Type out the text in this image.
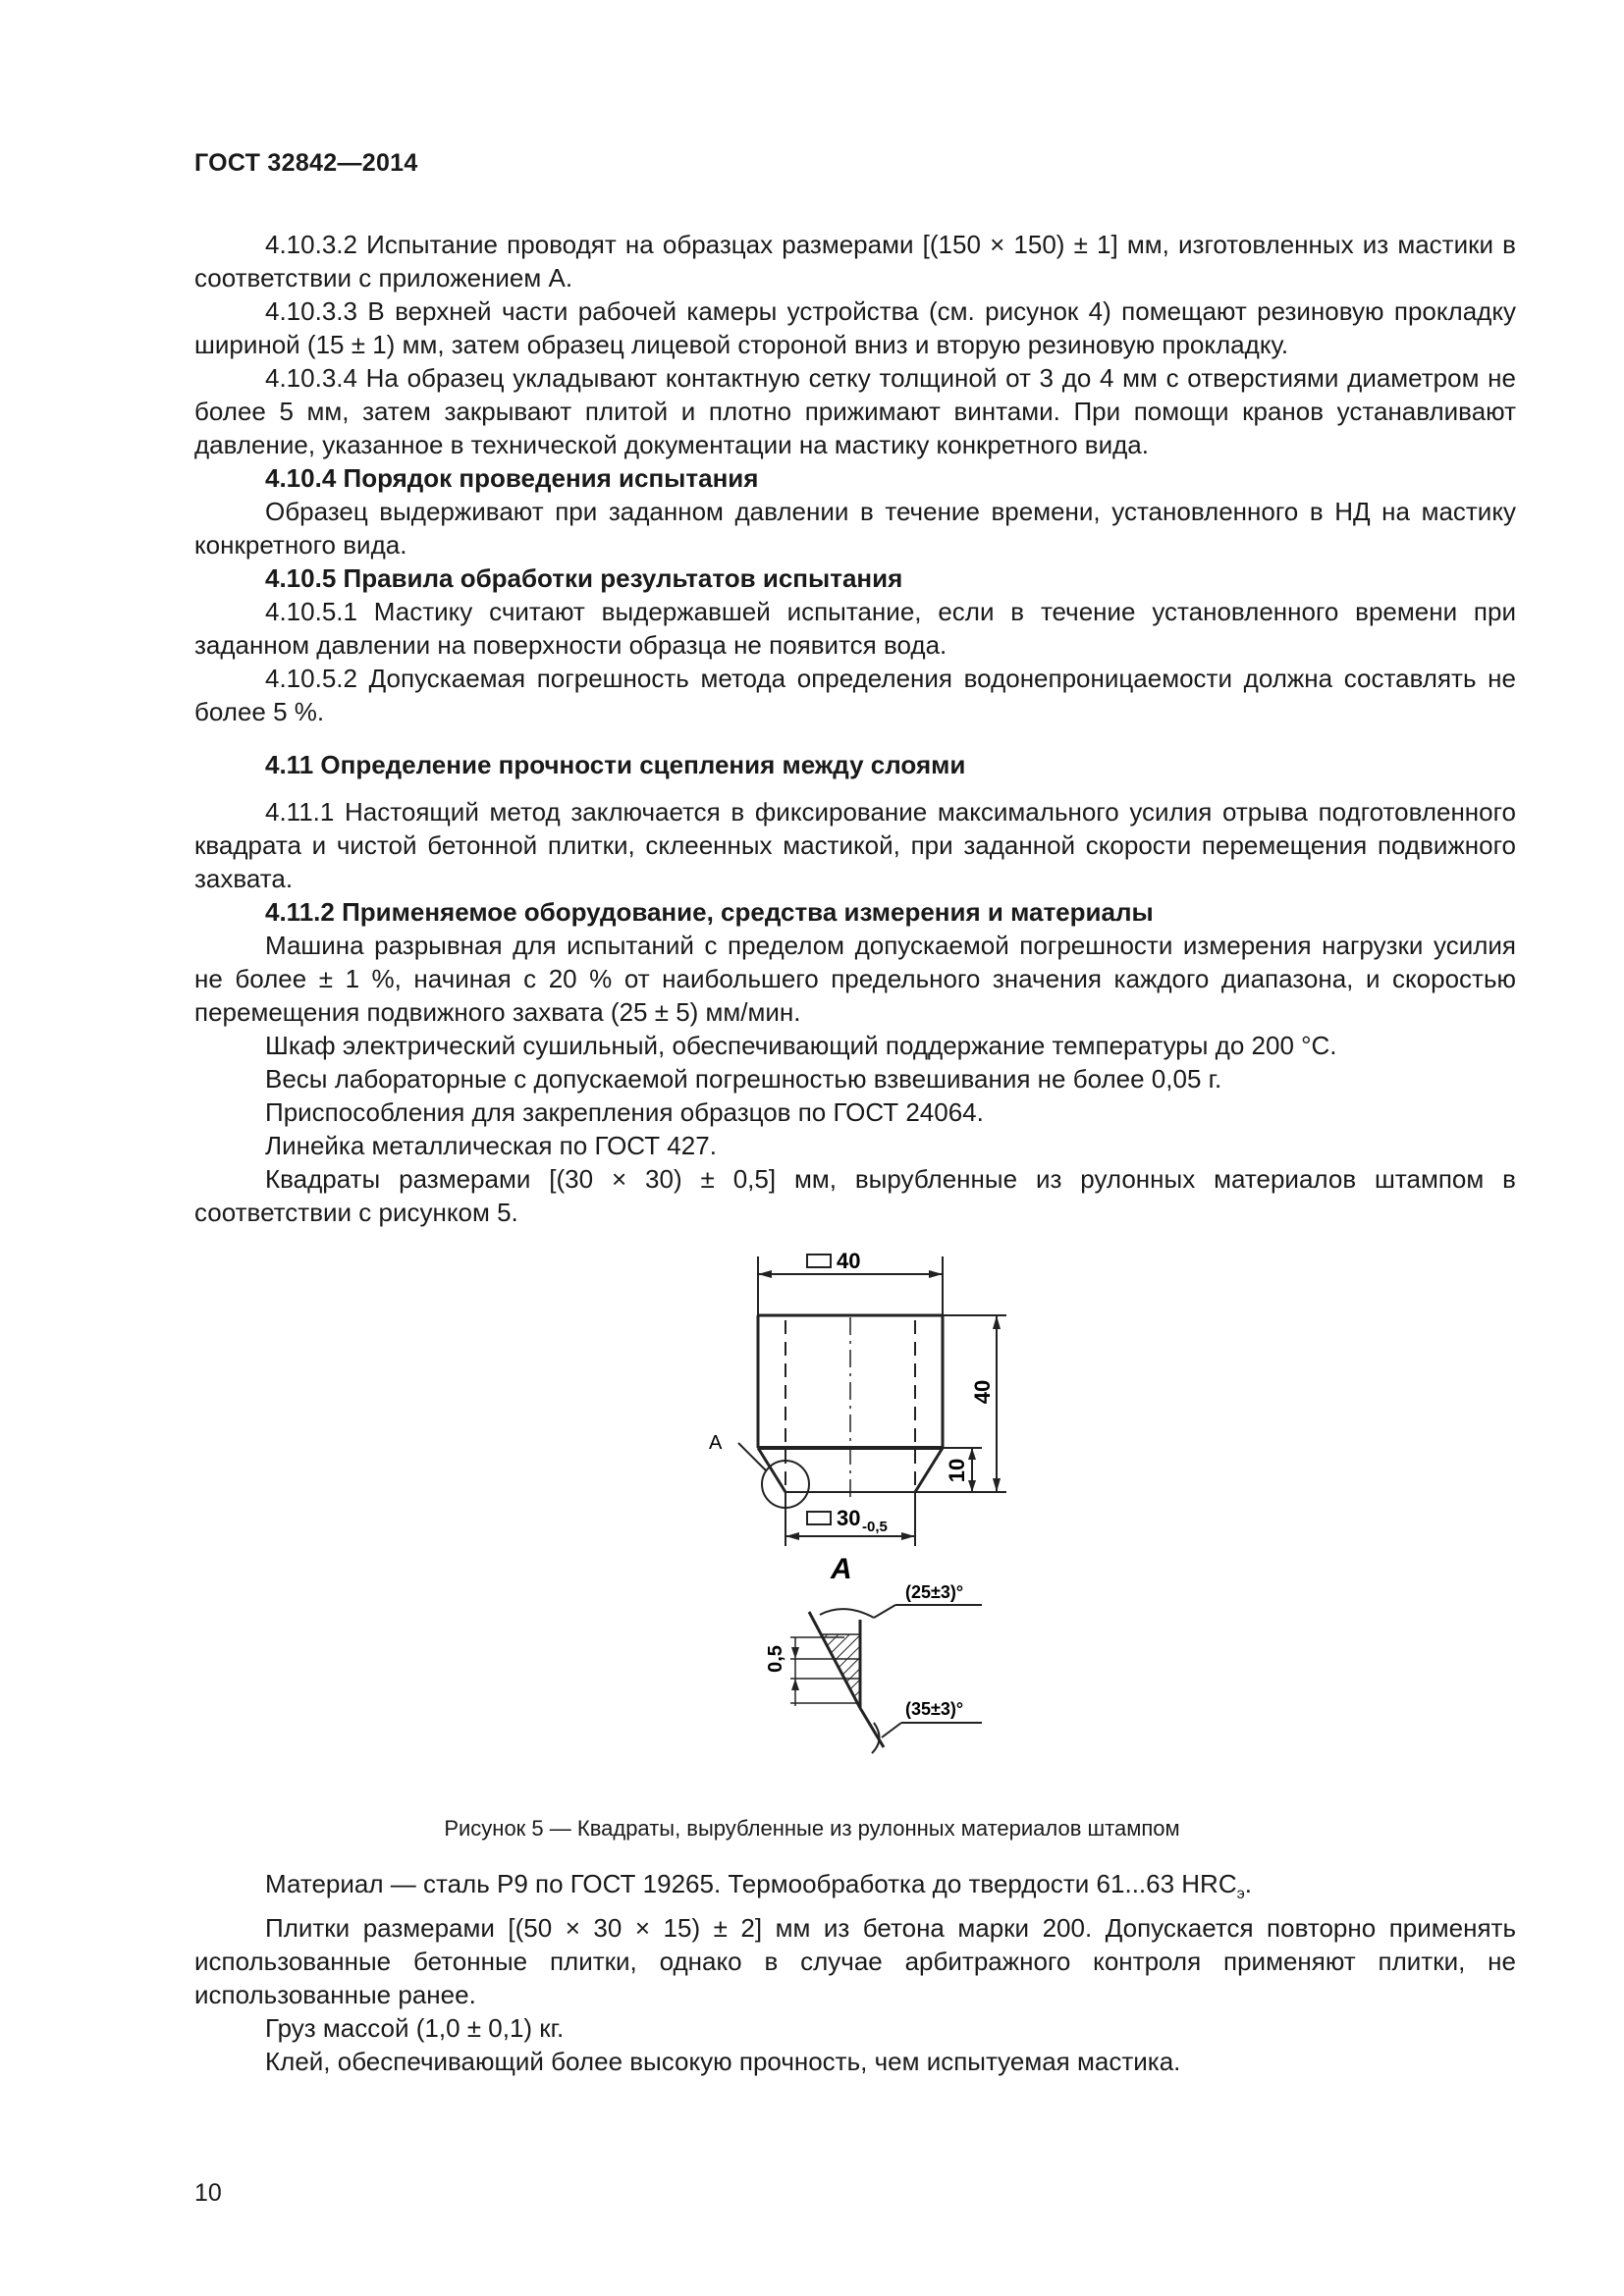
ГОСТ 32842—2014

4.10.3.2 Испытание проводят на образцах размерами [(150 × 150) ± 1] мм, изготовленных из мастики в соответствии с приложением А.

4.10.3.3 В верхней части рабочей камеры устройства (см. рисунок 4) помещают резиновую прокладку шириной (15 ± 1) мм, затем образец лицевой стороной вниз и вторую резиновую прокладку.

4.10.3.4 На образец укладывают контактную сетку толщиной от 3 до 4 мм с отверстиями диаметром не более 5 мм, затем закрывают плитой и плотно прижимают винтами. При помощи кранов устанавливают давление, указанное в технической документации на мастику конкретного вида.

4.10.4 Порядок проведения испытания

Образец выдерживают при заданном давлении в течение времени, установленного в НД на мастику конкретного вида.

4.10.5 Правила обработки результатов испытания

4.10.5.1 Мастику считают выдержавшей испытание, если в течение установленного времени при заданном давлении на поверхности образца не появится вода.

4.10.5.2 Допускаемая погрешность метода определения водонепроницаемости должна составлять не более 5 %.

4.11 Определение прочности сцепления между слоями

4.11.1 Настоящий метод заключается в фиксирование максимального усилия отрыва подготовленного квадрата и чистой бетонной плитки, склеенных мастикой, при заданной скорости перемещения подвижного захвата.

4.11.2 Применяемое оборудование, средства измерения и материалы

Машина разрывная для испытаний с пределом допускаемой погрешности измерения нагрузки усилия не более ± 1 %, начиная с 20 % от наибольшего предельного значения каждого диапазона, и скоростью перемещения подвижного захвата (25 ± 5) мм/мин.

Шкаф электрический сушильный, обеспечивающий поддержание температуры до 200 °С.

Весы лабораторные с допускаемой погрешностью взвешивания не более 0,05 г.

Приспособления для закрепления образцов по ГОСТ 24064.

Линейка металлическая по ГОСТ 427.

Квадраты размерами [(30 × 30) ± 0,5] мм, вырубленные из рулонных материалов штампом в соответствии с рисунком 5.

40
40
10
А
30 -0,5
А
0,5
(25±3)°
(35±3)°
Рисунок 5 — Квадраты, вырубленные из рулонных материалов штампом

Материал — сталь Р9 по ГОСТ 19265. Термообработка до твердости 61...63 $HRC_э$.

Плитки размерами [(50 × 30 × 15) ± 2] мм из бетона марки 200. Допускается повторно применять использованные бетонные плитки, однако в случае арбитражного контроля применяют плитки, не использованные ранее.

Груз массой (1,0 ± 0,1) кг.

Клей, обеспечивающий более высокую прочность, чем испытуемая мастика.

10
